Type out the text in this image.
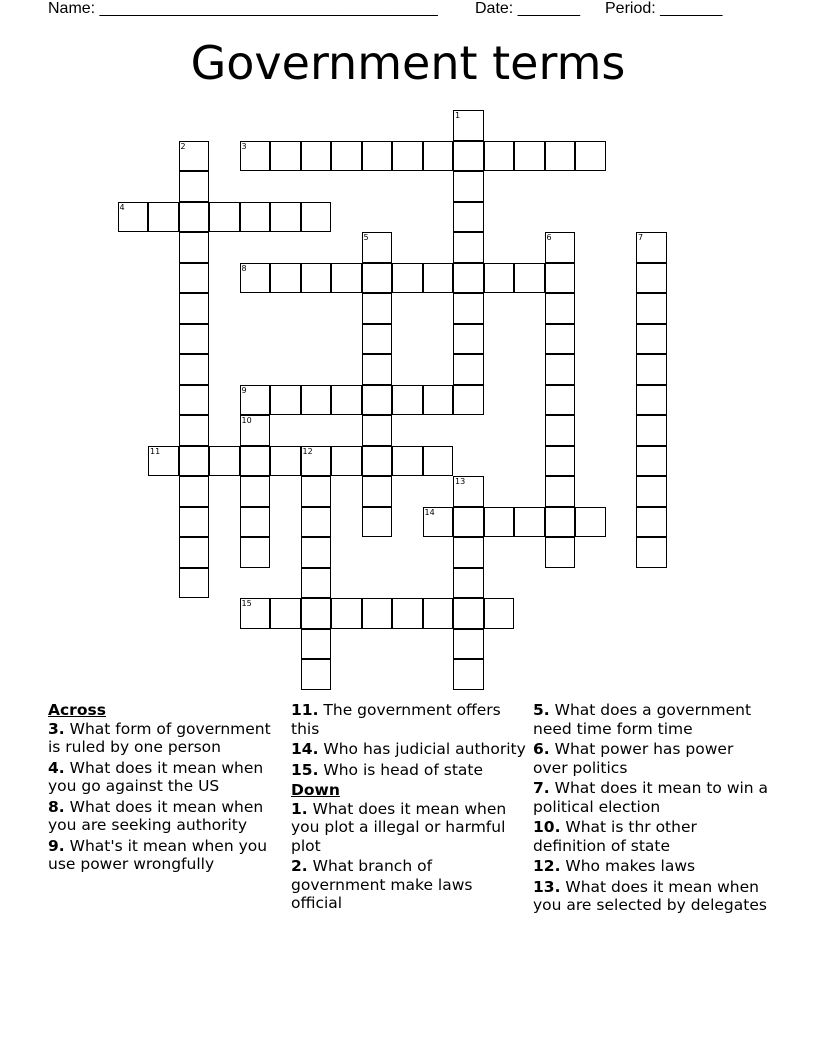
Name: ______________________________________ Date: _______ Period: _______
Government terms
3
4
8
9
11
14
15
1
2
5	6	7
10
12
13
Across
3. What form of government is ruled by one person
4. What does it mean when you go against the US
8. What does it mean when you are seeking authority
9. What's it mean when you use power wrongfully
11. The government offers this
14. Who has judicial authority
15. Who is head of state
Down
1. What does it mean when you plot a illegal or harmful plot
2. What branch of government make laws official
5. What does a government need time form time
6. What power has power over politics
7. What does it mean to win a political election
10. What is thr other definition of state
12. Who makes laws
13. What does it mean when you are selected by delegates
